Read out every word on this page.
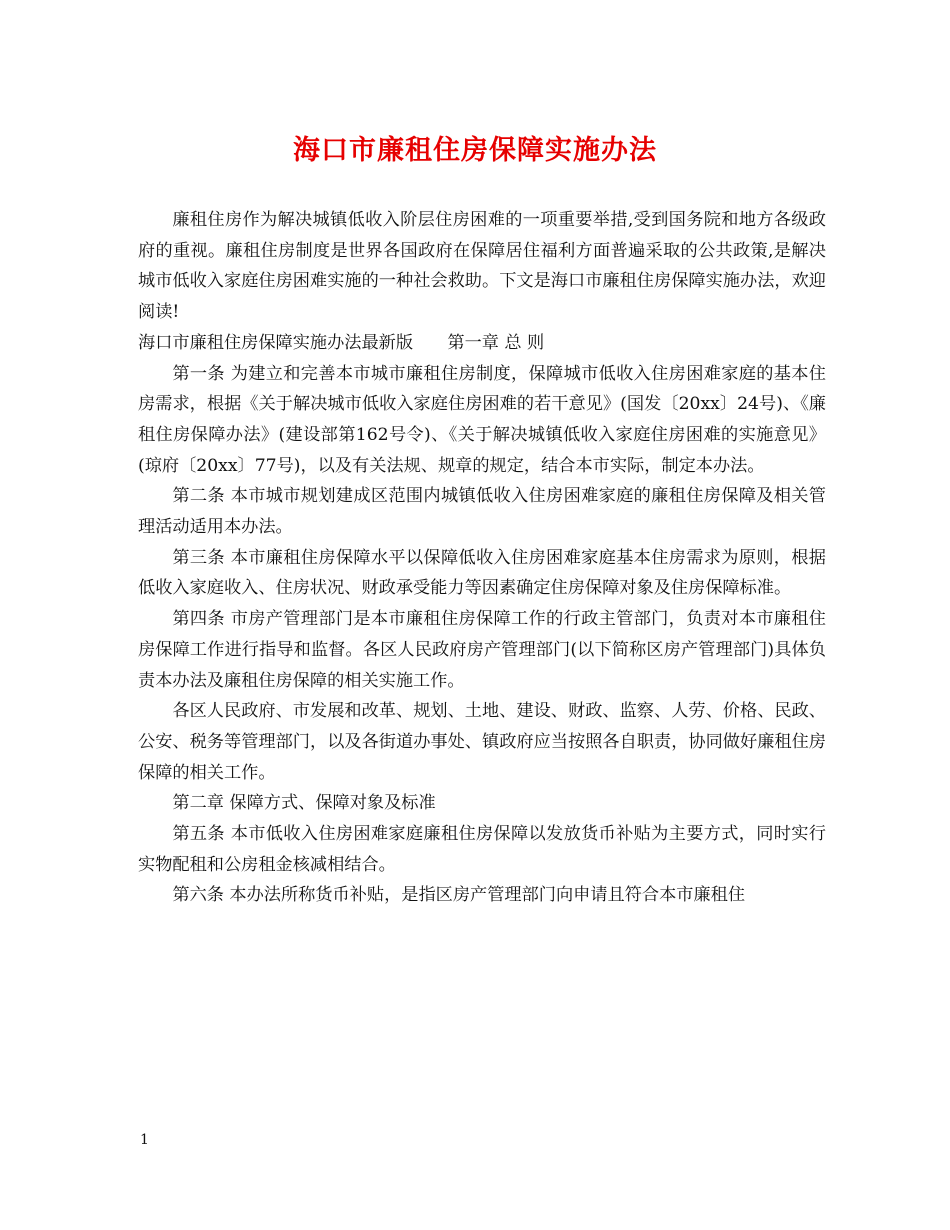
海口市廉租住房保障实施办法

廉租住房作为解决城镇低收入阶层住房困难的一项重要举措,受到国务院和地方各级政府的重视。廉租住房制度是世界各国政府在保障居住福利方面普遍采取的公共政策,是解决城市低收入家庭住房困难实施的一种社会救助。下文是海口市廉租住房保障实施办法，欢迎阅读!

海口市廉租住房保障实施办法最新版　　第一章 总 则

第一条 为建立和完善本市城市廉租住房制度，保障城市低收入住房困难家庭的基本住房需求，根据《关于解决城市低收入家庭住房困难的若干意见》(国发〔20xx〕24号)、《廉租住房保障办法》(建设部第162号令)、《关于解决城镇低收入家庭住房困难的实施意见》(琼府〔20xx〕77号)，以及有关法规、规章的规定，结合本市实际，制定本办法。

第二条 本市城市规划建成区范围内城镇低收入住房困难家庭的廉租住房保障及相关管理活动适用本办法。

第三条 本市廉租住房保障水平以保障低收入住房困难家庭基本住房需求为原则，根据低收入家庭收入、住房状况、财政承受能力等因素确定住房保障对象及住房保障标准。

第四条 市房产管理部门是本市廉租住房保障工作的行政主管部门，负责对本市廉租住房保障工作进行指导和监督。各区人民政府房产管理部门(以下简称区房产管理部门)具体负责本办法及廉租住房保障的相关实施工作。

各区人民政府、市发展和改革、规划、土地、建设、财政、监察、人劳、价格、民政、公安、税务等管理部门，以及各街道办事处、镇政府应当按照各自职责，协同做好廉租住房保障的相关工作。

第二章 保障方式、保障对象及标准

第五条 本市低收入住房困难家庭廉租住房保障以发放货币补贴为主要方式，同时实行实物配租和公房租金核减相结合。

第六条 本办法所称货币补贴，是指区房产管理部门向申请且符合本市廉租住

1
